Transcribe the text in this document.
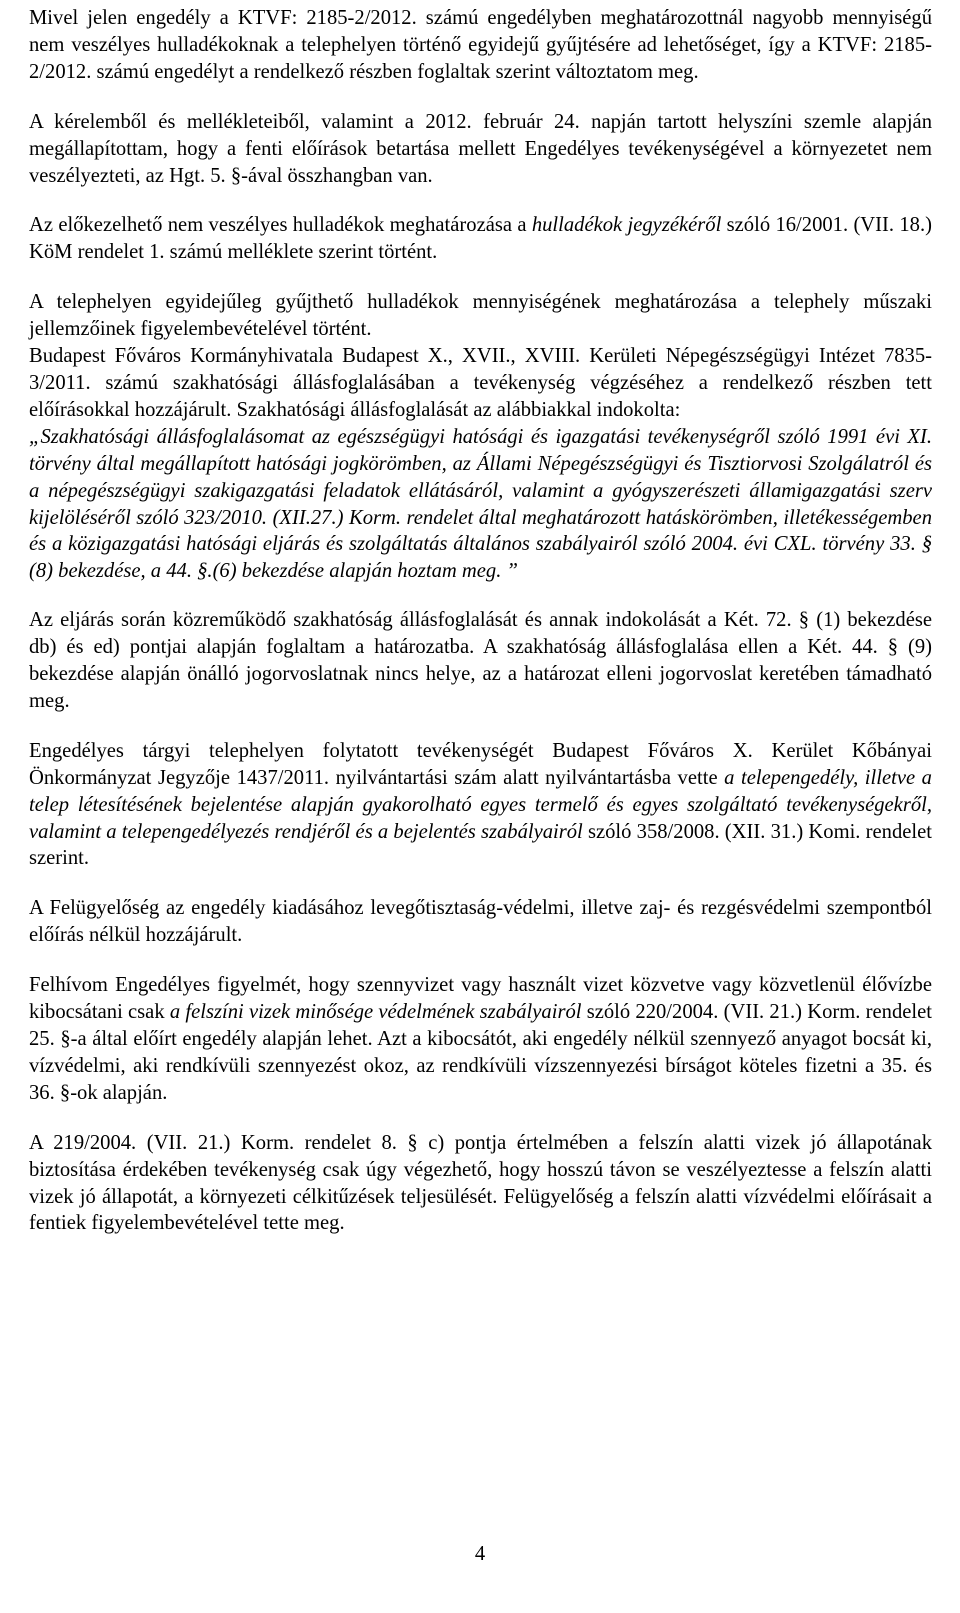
Mivel jelen engedély a KTVF: 2185-2/2012. számú engedélyben meghatározottnál nagyobb mennyiségű nem veszélyes hulladékoknak a telephelyen történő egyidejű gyűjtésére ad lehetőséget, így a KTVF: 2185-2/2012. számú engedélyt a rendelkező részben foglaltak szerint változtatom meg.

A kérelemből és mellékleteiből, valamint a 2012. február 24. napján tartott helyszíni szemle alapján megállapítottam, hogy a fenti előírások betartása mellett Engedélyes tevékenységével a környezetet nem veszélyezteti, az Hgt. 5. §-ával összhangban van.

Az előkezelhető nem veszélyes hulladékok meghatározása a hulladékok jegyzékéről szóló 16/2001. (VII. 18.) KöM rendelet 1. számú melléklete szerint történt.

A telephelyen egyidejűleg gyűjthető hulladékok mennyiségének meghatározása a telephely műszaki jellemzőinek figyelembevételével történt.

Budapest Főváros Kormányhivatala Budapest X., XVII., XVIII. Kerületi Népegészségügyi Intézet 7835-3/2011. számú szakhatósági állásfoglalásában a tevékenység végzéséhez a rendelkező részben tett előírásokkal hozzájárult. Szakhatósági állásfoglalását az alábbiakkal indokolta:

„Szakhatósági állásfoglalásomat az egészségügyi hatósági és igazgatási tevékenységről szóló 1991 évi XI. törvény által megállapított hatósági jogkörömben, az Állami Népegészségügyi és Tisztiorvosi Szolgálatról és a népegészségügyi szakigazgatási feladatok ellátásáról, valamint a gyógyszerészeti államigazgatási szerv kijelöléséről szóló 323/2010. (XII.27.) Korm. rendelet által meghatározott hatáskörömben, illetékességemben és a közigazgatási hatósági eljárás és szolgáltatás általános szabályairól szóló 2004. évi CXL. törvény 33. § (8) bekezdése, a 44. §.(6) bekezdése alapján hoztam meg. ”

Az eljárás során közreműködő szakhatóság állásfoglalását és annak indokolását a Két. 72. § (1) bekezdése db) és ed) pontjai alapján foglaltam a határozatba. A szakhatóság állásfoglalása ellen a Két. 44. § (9) bekezdése alapján önálló jogorvoslatnak nincs helye, az a határozat elleni jogorvoslat keretében támadható meg.

Engedélyes tárgyi telephelyen folytatott tevékenységét Budapest Főváros X. Kerület Kőbányai Önkormányzat Jegyzője 1437/2011. nyilvántartási szám alatt nyilvántartásba vette a telepengedély, illetve a telep létesítésének bejelentése alapján gyakorolható egyes termelő és egyes szolgáltató tevékenységekről, valamint a telepengedélyezés rendjéről és a bejelentés szabályairól szóló 358/2008. (XII. 31.) Komi. rendelet szerint.

A Felügyelőség az engedély kiadásához levegőtisztaság-védelmi, illetve zaj- és rezgésvédelmi szempontból előírás nélkül hozzájárult.

Felhívom Engedélyes figyelmét, hogy szennyvizet vagy használt vizet közvetve vagy közvetlenül élővízbe kibocsátani csak a felszíni vizek minősége védelmének szabályairól szóló 220/2004. (VII. 21.) Korm. rendelet 25. §-a által előírt engedély alapján lehet. Azt a kibocsátót, aki engedély nélkül szennyező anyagot bocsát ki, vízvédelmi, aki rendkívüli szennyezést okoz, az rendkívüli vízszennyezési bírságot köteles fizetni a 35. és 36. §-ok alapján.

A 219/2004. (VII. 21.) Korm. rendelet 8. § c) pontja értelmében a felszín alatti vizek jó állapotának biztosítása érdekében tevékenység csak úgy végezhető, hogy hosszú távon se veszélyeztesse a felszín alatti vizek jó állapotát, a környezeti célkitűzések teljesülését. Felügyelőség a felszín alatti vízvédelmi előírásait a fentiek figyelembevételével tette meg.

4
